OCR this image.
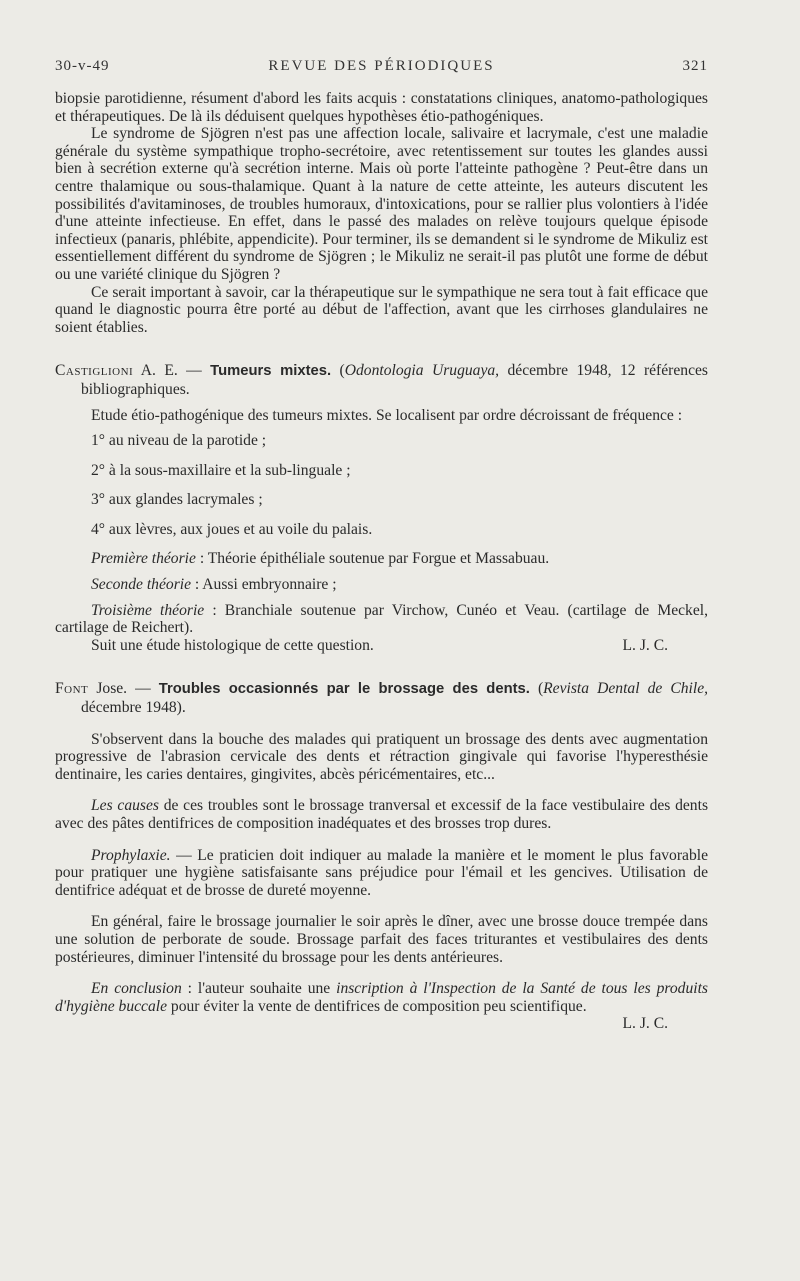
30-v-49	REVUE DES PÉRIODIQUES	321

biopsie parotidienne, résument d'abord les faits acquis : constatations cliniques, anatomo-pathologiques et thérapeutiques. De là ils déduisent quelques hypothèses étio-pathogéniques.

Le syndrome de Sjögren n'est pas une affection locale, salivaire et lacrymale, c'est une maladie générale du système sympathique tropho-secrétoire, avec retentissement sur toutes les glandes aussi bien à secrétion externe qu'à secrétion interne. Mais où porte l'atteinte pathogène ? Peut-être dans un centre thalamique ou sous-thalamique. Quant à la nature de cette atteinte, les auteurs discutent les possibilités d'avitaminoses, de troubles humoraux, d'intoxications, pour se rallier plus volontiers à l'idée d'une atteinte infectieuse. En effet, dans le passé des malades on relève toujours quelque épisode infectieux (panaris, phlébite, appendicite). Pour terminer, ils se demandent si le syndrome de Mikuliz est essentiellement différent du syndrome de Sjögren ; le Mikuliz ne serait-il pas plutôt une forme de début ou une variété clinique du Sjögren ?

Ce serait important à savoir, car la thérapeutique sur le sympathique ne sera tout à fait efficace que quand le diagnostic pourra être porté au début de l'affection, avant que les cirrhoses glandulaires ne soient établies.

Castiglioni A. E. — Tumeurs mixtes. (Odontologia Uruguaya, décembre 1948, 12 références bibliographiques.

Etude étio-pathogénique des tumeurs mixtes. Se localisent par ordre décroissant de fréquence :

1° au niveau de la parotide ;

2° à la sous-maxillaire et la sub-linguale ;

3° aux glandes lacrymales ;

4° aux lèvres, aux joues et au voile du palais.

Première théorie : Théorie épithéliale soutenue par Forgue et Massabuau.

Seconde théorie : Aussi embryonnaire ;

Troisième théorie : Branchiale soutenue par Virchow, Cunéo et Veau. (cartilage de Meckel, cartilage de Reichert).

Suit une étude histologique de cette question.	L. J. C.

Font Jose. — Troubles occasionnés par le brossage des dents. (Revista Dental de Chile, décembre 1948).

S'observent dans la bouche des malades qui pratiquent un brossage des dents avec augmentation progressive de l'abrasion cervicale des dents et rétraction gingivale qui favorise l'hyperesthésie dentinaire, les caries dentaires, gingivites, abcès péricémentaires, etc...

Les causes de ces troubles sont le brossage tranversal et excessif de la face vestibulaire des dents avec des pâtes dentifrices de composition inadéquates et des brosses trop dures.

Prophylaxie. — Le praticien doit indiquer au malade la manière et le moment le plus favorable pour pratiquer une hygiène satisfaisante sans préjudice pour l'émail et les gencives. Utilisation de dentifrice adéquat et de brosse de dureté moyenne.

En général, faire le brossage journalier le soir après le dîner, avec une brosse douce trempée dans une solution de perborate de soude. Brossage parfait des faces triturantes et vestibulaires des dents postérieures, diminuer l'intensité du brossage pour les dents antérieures.

En conclusion : l'auteur souhaite une inscription à l'Inspection de la Santé de tous les produits d'hygiène buccale pour éviter la vente de dentifrices de composition peu scientifique.
L. J. C.
